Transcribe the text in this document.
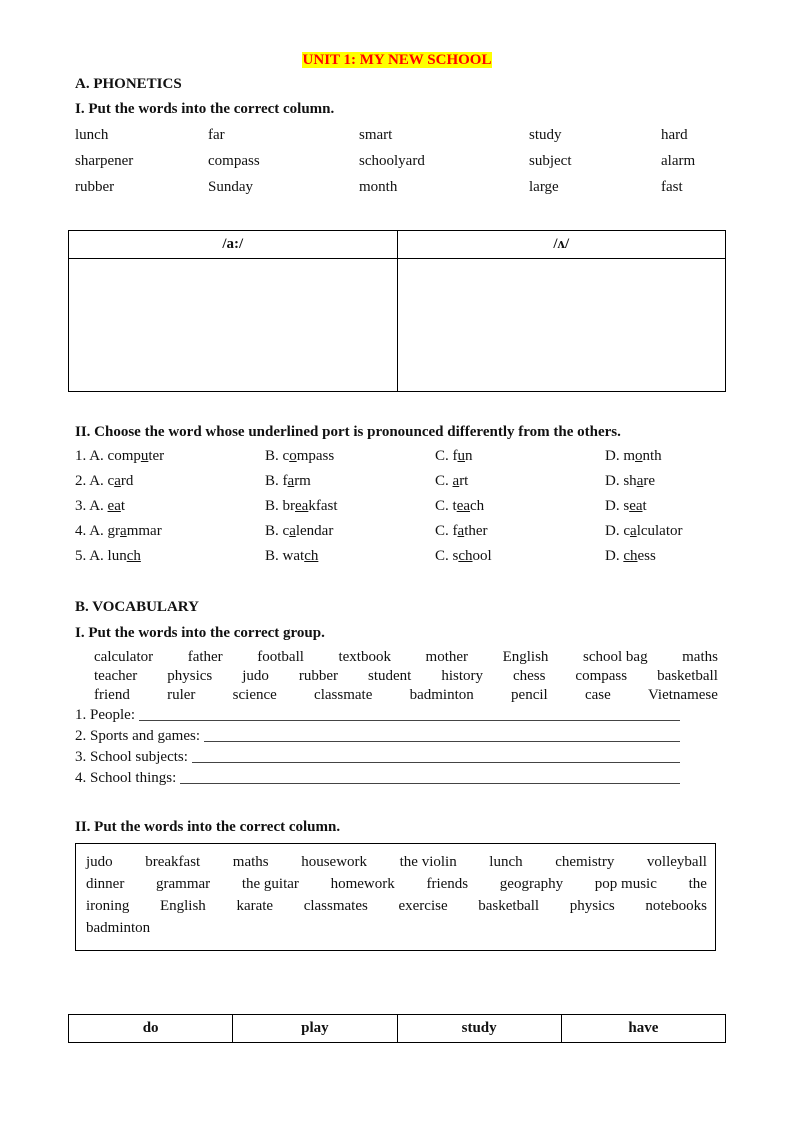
UNIT 1: MY NEW SCHOOL
A. PHONETICS
I. Put the words into the correct column.
lunch	far	smart	study	hard
sharpener	compass	schoolyard	subject	alarm
rubber	Sunday	month	large	fast
/a:/	/ʌ/

II. Choose the word whose underlined port is pronounced differently from the others.
1. A. computer	B. compass	C. fun	D. month
2. A. card	B. farm	C. art	D. share
3. A. eat	B. breakfast	C. teach	D. seat
4. A. grammar	B. calendar	C. father	D. calculator
5. A. lunch	B. watch	C. school	D. chess
B. VOCABULARY
I. Put the words into the correct group.
calculator father football textbook mother English school bag maths
teacher physics judo rubber student history chess compass basketball
friend ruler science classmate badminton pencil case Vietnamese
1. People:
2. Sports and games:
3. School subjects:
4. School things:
II. Put the words into the correct column.
judo breakfast maths housework the violin lunch chemistry volleyball
dinner grammar the guitar homework friends geography pop music the
ironing English karate classmates exercise basketball physics notebooks
badminton
do	play	study	have
